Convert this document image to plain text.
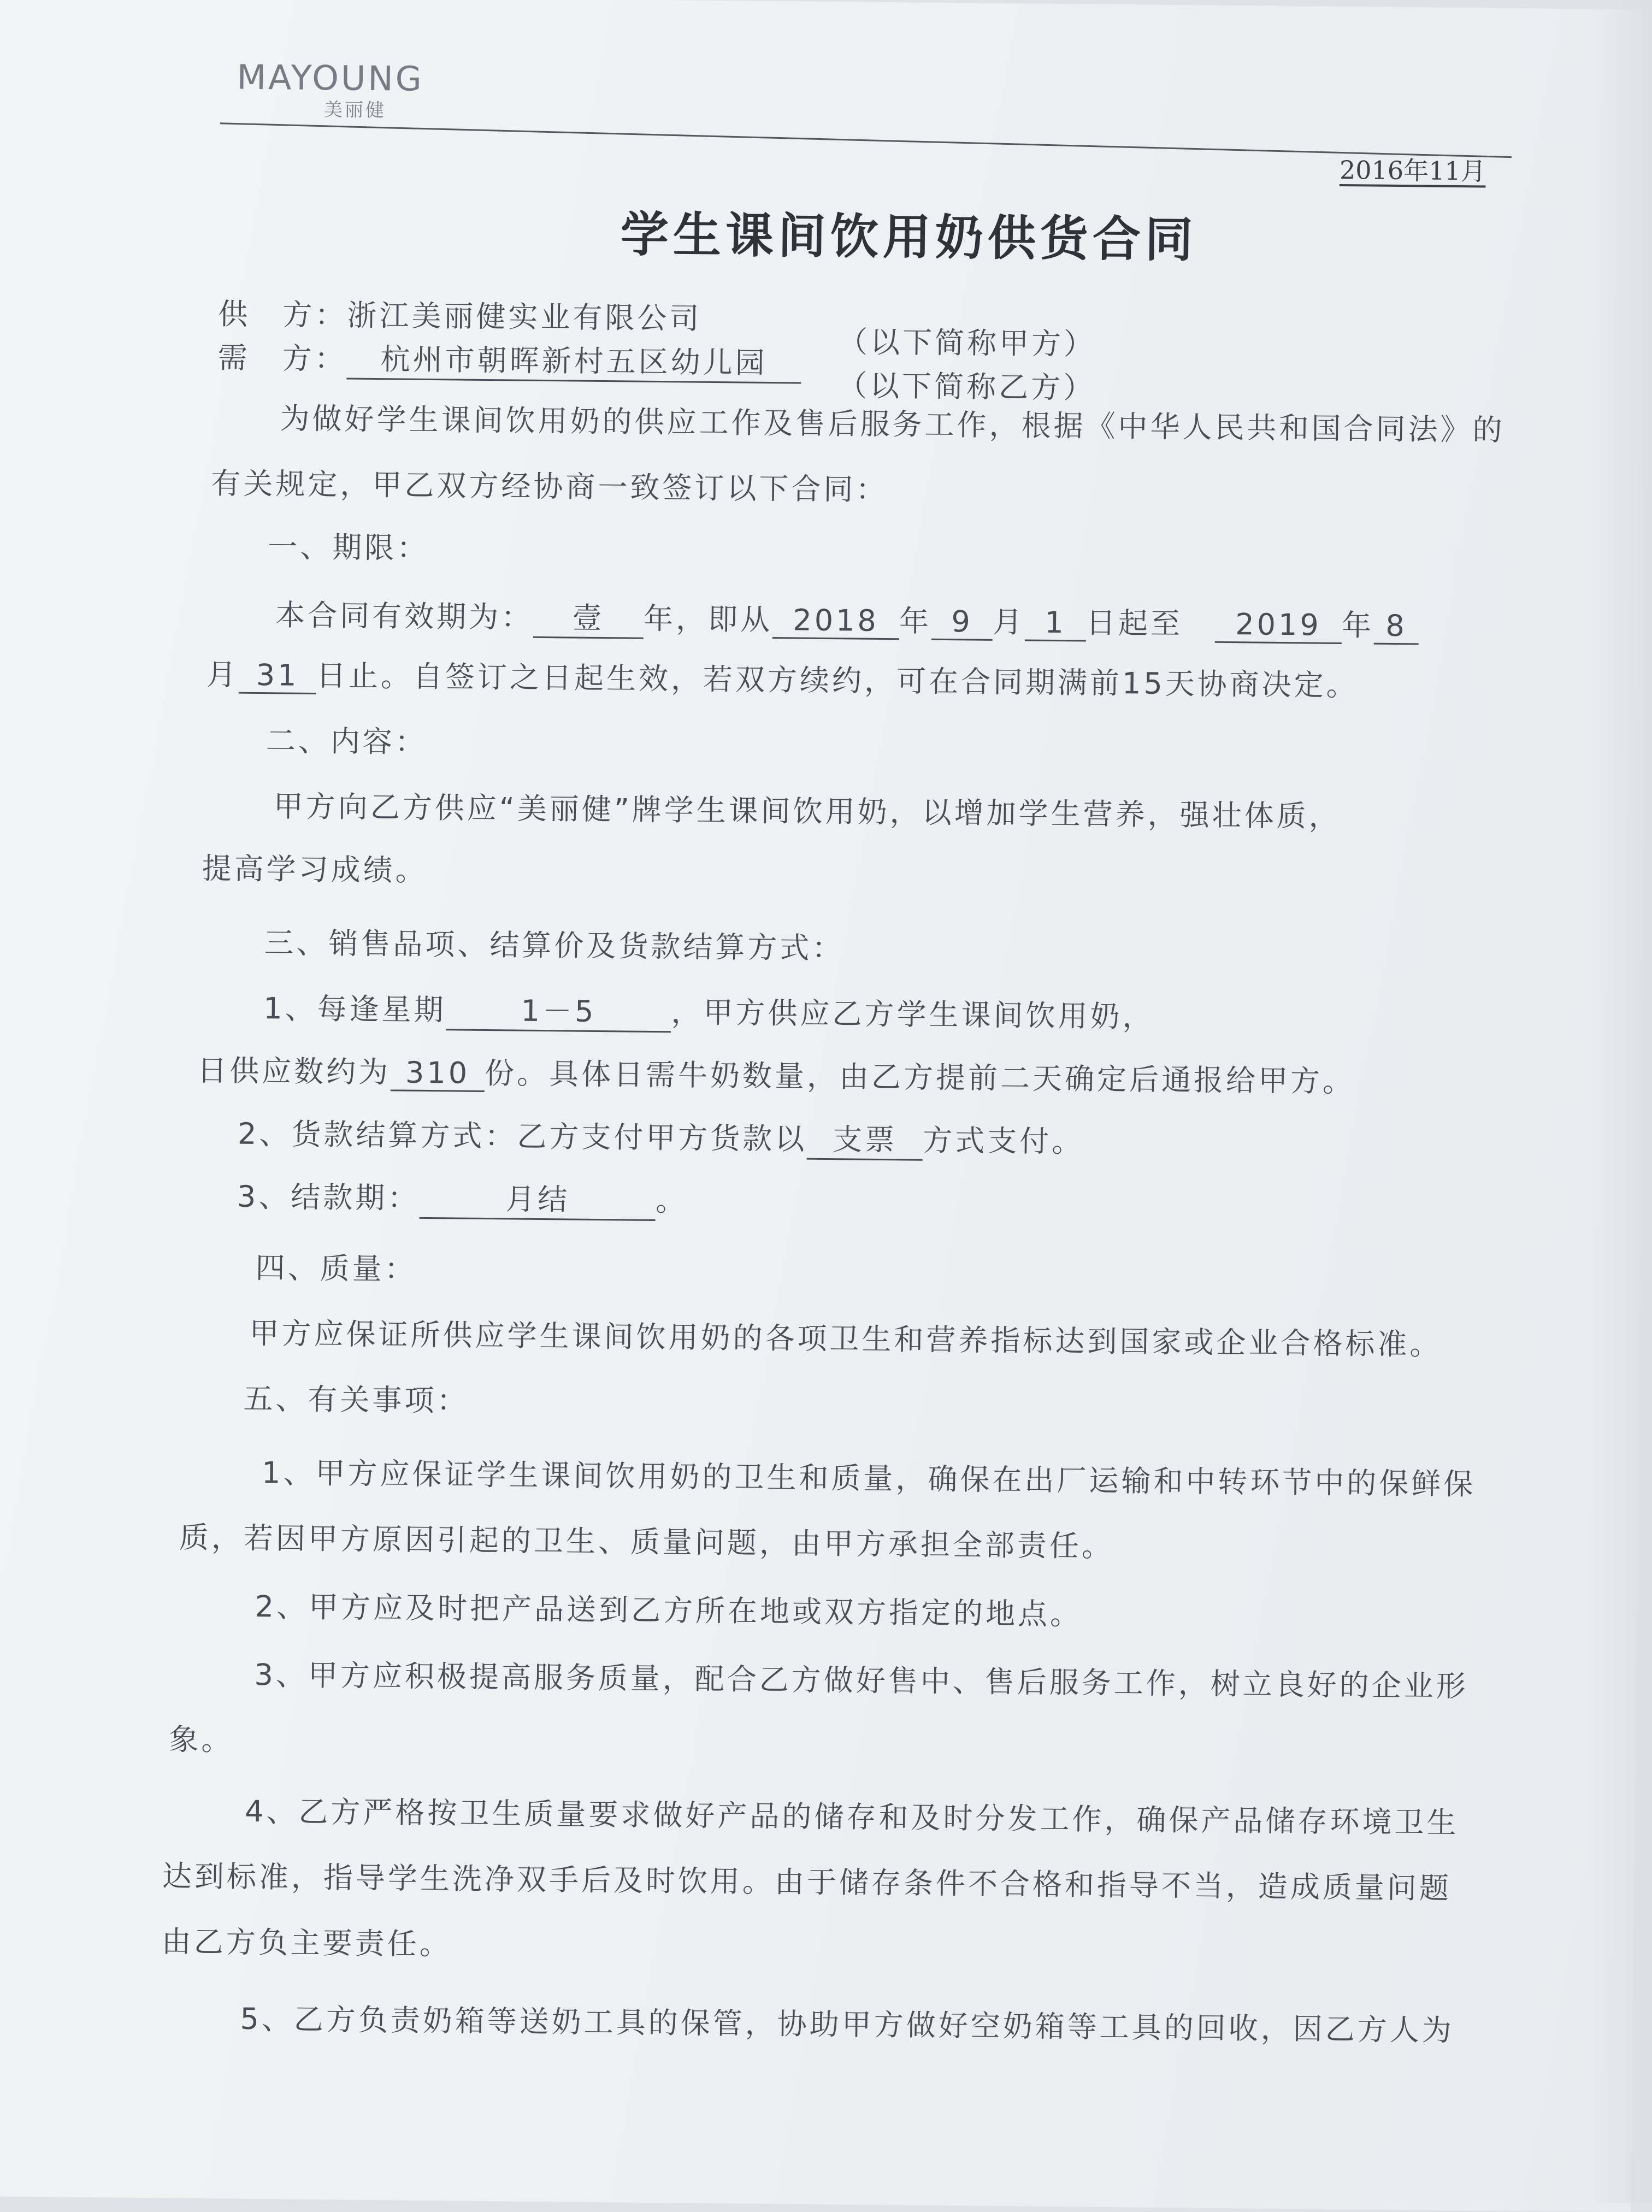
MAYOUNG
美丽健
2016年11月
学生课间饮用奶供货合同
供　方：浙江美丽健实业有限公司
（以下简称甲方）
需　方： 杭州市朝晖新村五区幼儿园
（以下简称乙方）
为做好学生课间饮用奶的供应工作及售后服务工作，根据《中华人民共和国合同法》的
有关规定，甲乙双方经协商一致签订以下合同：
一、期限：
本合同有效期为： 壹 年，即从 2018 年 9 月 1 日起至　 2019 年 8
月 31 日止。自签订之日起生效，若双方续约，可在合同期满前15天协商决定。
二、内容：
甲方向乙方供应“美丽健”牌学生课间饮用奶，以增加学生营养，强壮体质，
提高学习成绩。
三、销售品项、结算价及货款结算方式：
1、每逢星期	1－5	，甲方供应乙方学生课间饮用奶，
日供应数约为 310 份。具体日需牛奶数量，由乙方提前二天确定后通报给甲方。
2、货款结算方式：乙方支付甲方货款以 支票 方式支付。
3、结款期：	月结	。
四、质量：
甲方应保证所供应学生课间饮用奶的各项卫生和营养指标达到国家或企业合格标准。
五、有关事项：
1、甲方应保证学生课间饮用奶的卫生和质量，确保在出厂运输和中转环节中的保鲜保
质，若因甲方原因引起的卫生、质量问题，由甲方承担全部责任。
2、甲方应及时把产品送到乙方所在地或双方指定的地点。
3、甲方应积极提高服务质量，配合乙方做好售中、售后服务工作，树立良好的企业形
象。
4、乙方严格按卫生质量要求做好产品的储存和及时分发工作，确保产品储存环境卫生
达到标准，指导学生洗净双手后及时饮用。由于储存条件不合格和指导不当，造成质量问题
由乙方负主要责任。
5、乙方负责奶箱等送奶工具的保管，协助甲方做好空奶箱等工具的回收，因乙方人为
